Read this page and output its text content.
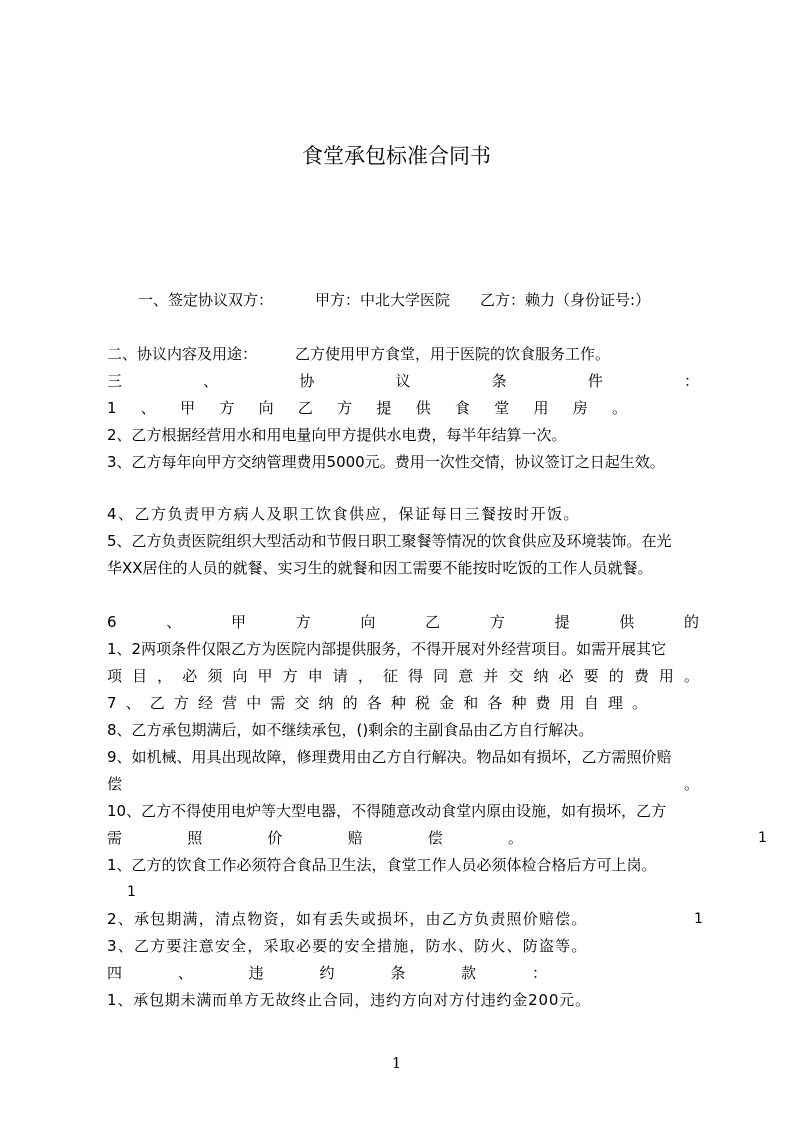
食堂承包标准合同书
一、签定协议双方：	甲方：中北大学医院 乙方：赖力（身份证号:）
二、协议内容及用途：	乙方使用甲方食堂，用于医院的饮食服务工作。
三、协议条件：
1、甲方向乙方提供食堂用房。
2、乙方根据经营用水和用电量向甲方提供水电费，每半年结算一次。
3、乙方每年向甲方交纳管理费用5000元。费用一次性交情，协议签订之日起生效。
4、乙方负责甲方病人及职工饮食供应，保证每日三餐按时开饭。
5、乙方负责医院组织大型活动和节假日职工聚餐等情况的饮食供应及环境装饰。在光
华XX居住的人员的就餐、实习生的就餐和因工需要不能按时吃饭的工作人员就餐。
6、甲方向乙方提供的
1、2两项条件仅限乙方为医院内部提供服务，不得开展对外经营项目。如需开展其它
项目，必须向甲方申请，征得同意并交纳必要的费用。
7、乙方经营中需交纳的各种税金和各种费用自理。
8、乙方承包期满后，如不继续承包，()剩余的主副食品由乙方自行解决。
9、如机械、用具出现故障，修理费用由乙方自行解决。物品如有损坏，乙方需照价赔
偿。
10、乙方不得使用电炉等大型电器，不得随意改动食堂内原由设施，如有损坏，乙方
需照价赔偿。	1
1、乙方的饮食工作必须符合食品卫生法，食堂工作人员必须体检合格后方可上岗。
1
2、承包期满，清点物资，如有丢失或损坏，由乙方负责照价赔偿。	1
3、乙方要注意安全，采取必要的安全措施，防水、防火、防盗等。
四、违约条款：
1、承包期未满而单方无故终止合同，违约方向对方付违约金200元。
1
